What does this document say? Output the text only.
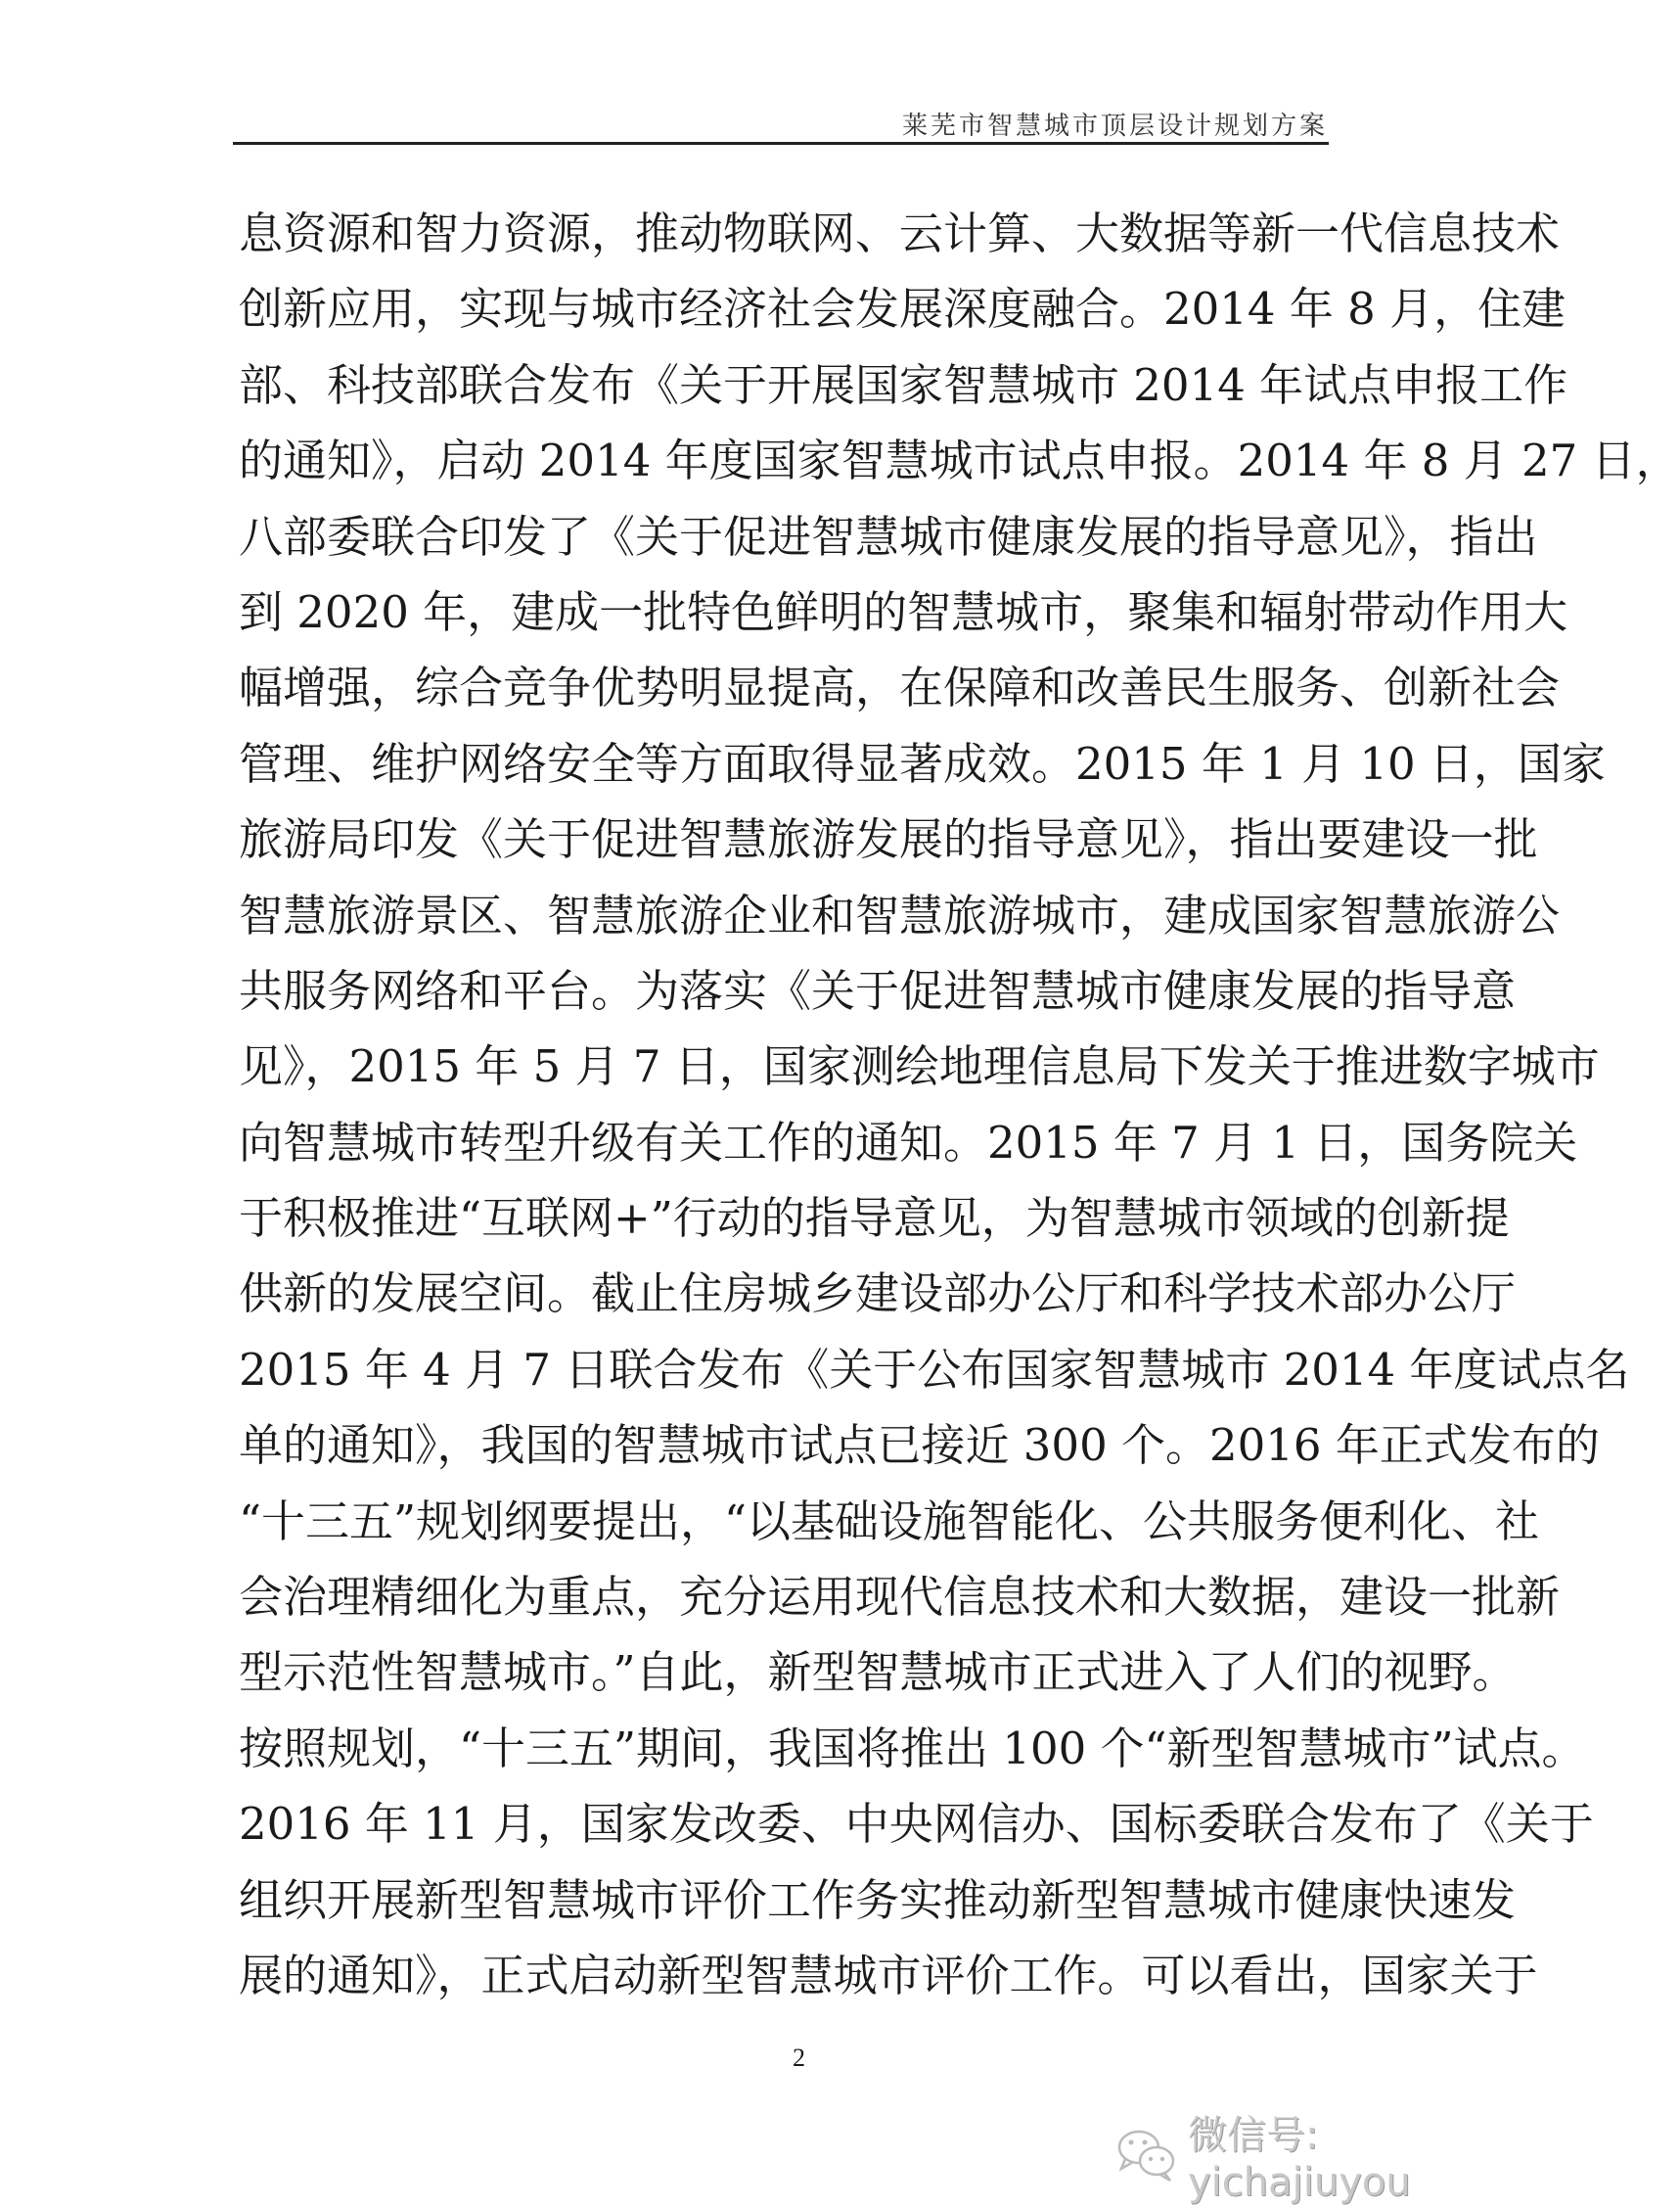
莱芜市智慧城市顶层设计规划方案
息资源和智力资源，推动物联网、云计算、大数据等新一代信息技术
创新应用，实现与城市经济社会发展深度融合。2014 年 8 月，住建
部、科技部联合发布《关于开展国家智慧城市 2014 年试点申报工作
的通知》，启动 2014 年度国家智慧城市试点申报。2014 年 8 月 27 日，
八部委联合印发了《关于促进智慧城市健康发展的指导意见》，指出
到 2020 年，建成一批特色鲜明的智慧城市，聚集和辐射带动作用大
幅增强，综合竞争优势明显提高，在保障和改善民生服务、创新社会
管理、维护网络安全等方面取得显著成效。2015 年 1 月 10 日，国家
旅游局印发《关于促进智慧旅游发展的指导意见》，指出要建设一批
智慧旅游景区、智慧旅游企业和智慧旅游城市，建成国家智慧旅游公
共服务网络和平台。为落实《关于促进智慧城市健康发展的指导意
见》，2015 年 5 月 7 日，国家测绘地理信息局下发关于推进数字城市
向智慧城市转型升级有关工作的通知。2015 年 7 月 1 日，国务院关
于积极推进“互联网+”行动的指导意见，为智慧城市领域的创新提
供新的发展空间。截止住房城乡建设部办公厅和科学技术部办公厅
2015 年 4 月 7 日联合发布《关于公布国家智慧城市 2014 年度试点名
单的通知》，我国的智慧城市试点已接近 300 个。2016 年正式发布的
“十三五”规划纲要提出，“以基础设施智能化、公共服务便利化、社
会治理精细化为重点，充分运用现代信息技术和大数据，建设一批新
型示范性智慧城市。”自此，新型智慧城市正式进入了人们的视野。
按照规划，“十三五”期间，我国将推出 100 个“新型智慧城市”试点。
2016 年 11 月，国家发改委、中央网信办、国标委联合发布了《关于
组织开展新型智慧城市评价工作务实推动新型智慧城市健康快速发
展的通知》，正式启动新型智慧城市评价工作。可以看出，国家关于
2
微信号: yichajiuyou
